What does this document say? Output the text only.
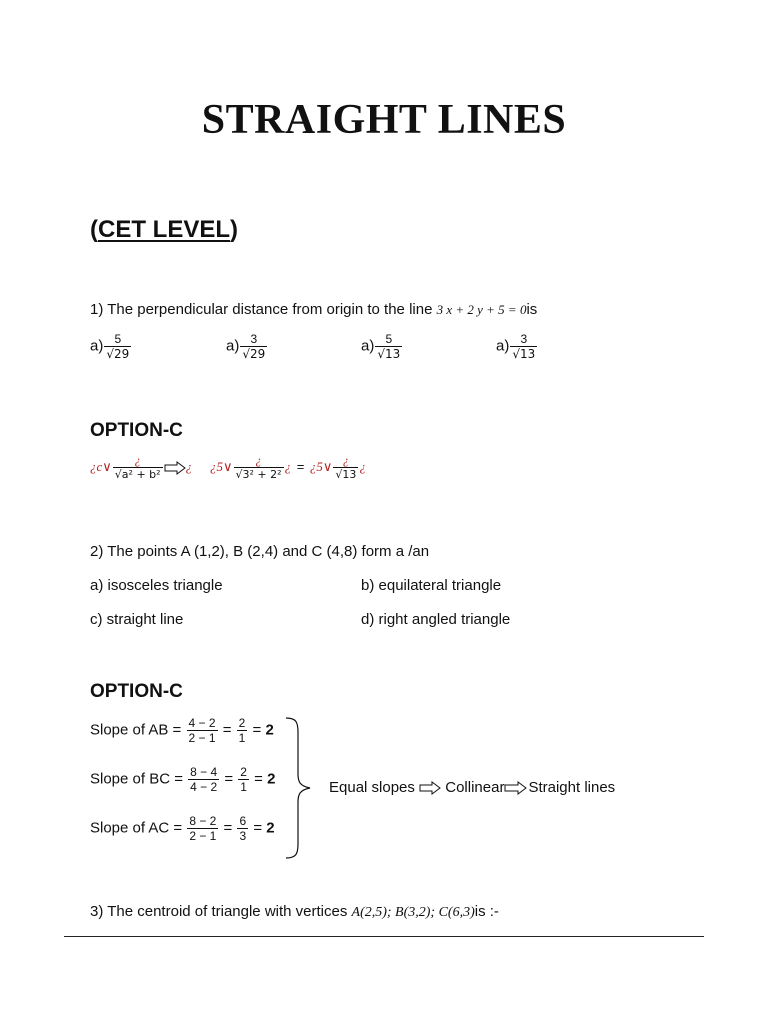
STRAIGHT LINES
(CET LEVEL)
1) The perpendicular distance from origin to the line 3 x + 2 y + 5 = 0is
$a) \frac{5}{√29}$	$a) \frac{3}{√29}$	$a) \frac{5}{√13}$	$a) \frac{3}{√13}$
OPTION-C
¿c∨ $\frac{¿}{\text{√a² + b²}}$ ¿ ¿5∨ $\frac{¿}{\text{√3² + 2²}}$ ¿ = ¿5∨ $\frac{¿}{√13}$ ¿
2) The points A (1,2), B (2,4) and C (4,8) form a /an
a) isosceles triangle	b) equilateral triangle
c) straight line	d) right angled triangle
OPTION-C
Slope of AB = $\frac{4 - 2}{2 - 1} = \frac{2}{1} = 2$
Slope of BC = $\frac{8 - 4}{4 - 2} = \frac{2}{1} = 2$
Slope of AC = $\frac{8 - 2}{2 - 1} = \frac{6}{3} = 2$
Equal slopes Collinear Straight lines
3) The centroid of triangle with vertices A(2,5); B(3,2); C(6,3)is :-
